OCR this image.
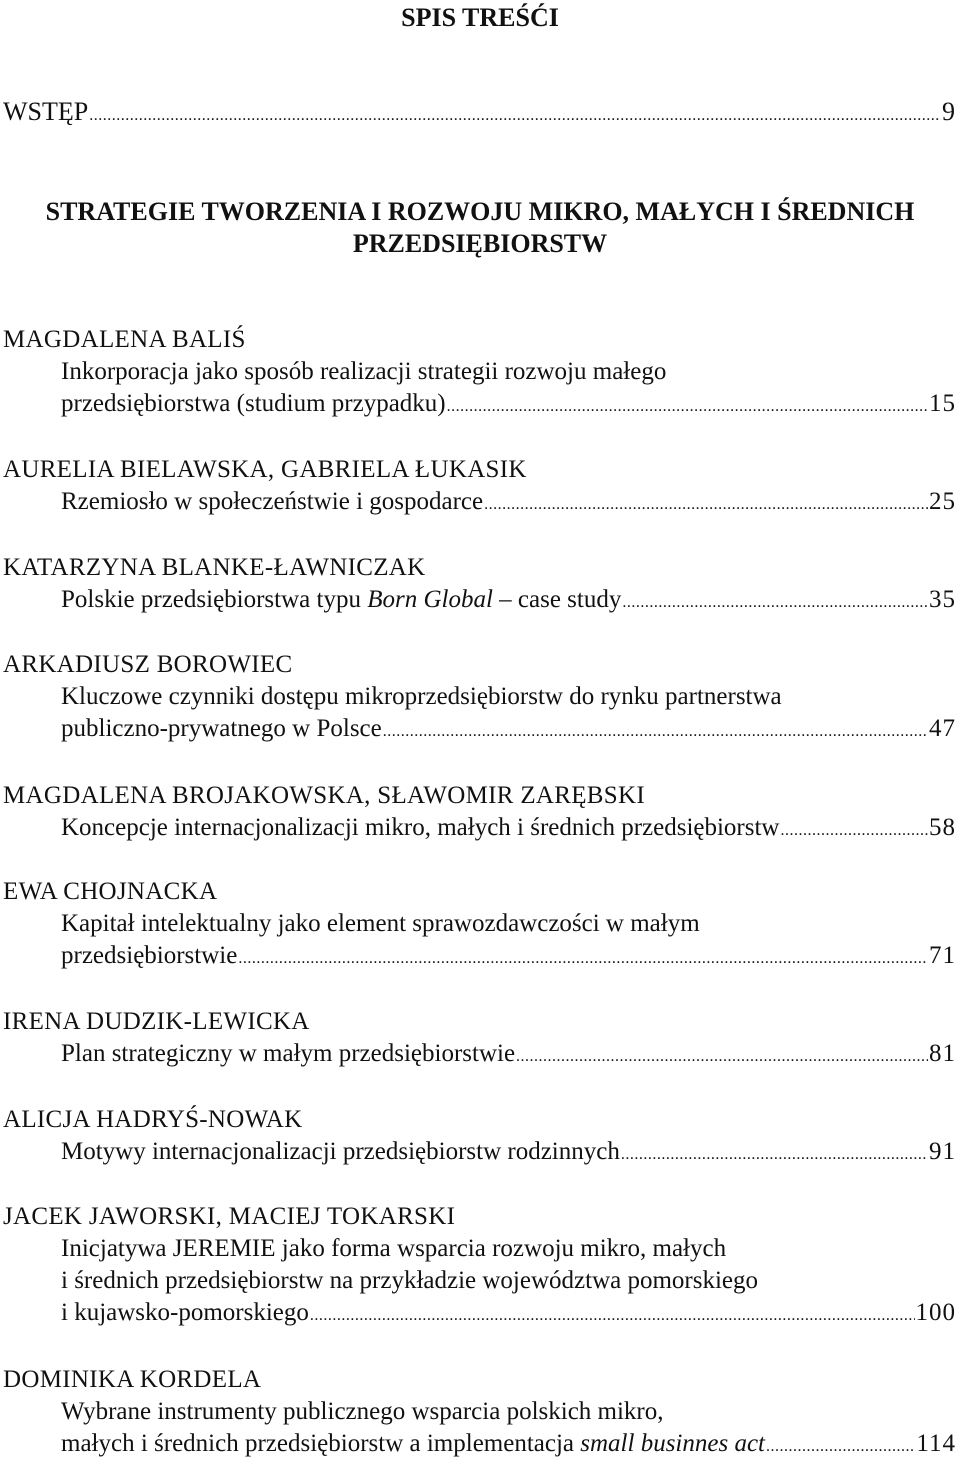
SPIS TREŚĆI
WSTĘP .....	9
STRATEGIE TWORZENIA I ROZWOJU MIKRO, MAŁYCH I ŚREDNICH
PRZEDSIĘBIORSTW
MAGDALENA BALIŚ
Inkorporacja jako sposób realizacji strategii rozwoju małego
przedsiębiorstwa (studium przypadku) .....	15
AURELIA BIELAWSKA, GABRIELA ŁUKASIK
Rzemiosło w społeczeństwie i gospodarce .....	25
KATARZYNA BLANKE-ŁAWNICZAK
Polskie przedsiębiorstwa typu Born Global – case study .....	35
ARKADIUSZ BOROWIEC
Kluczowe czynniki dostępu mikroprzedsiębiorstw do rynku partnerstwa
publiczno-prywatnego w Polsce .....	47
MAGDALENA BROJAKOWSKA, SŁAWOMIR ZARĘBSKI
Koncepcje internacjonalizacji mikro, małych i średnich przedsiębiorstw .....	58
EWA CHOJNACKA
Kapitał intelektualny jako element sprawozdawczości w małym
przedsiębiorstwie .....	71
IRENA DUDZIK-LEWICKA
Plan strategiczny w małym przedsiębiorstwie .....	81
ALICJA HADRYŚ-NOWAK
Motywy internacjonalizacji przedsiębiorstw rodzinnych .....	91
JACEK JAWORSKI, MACIEJ TOKARSKI
Inicjatywa JEREMIE jako forma wsparcia rozwoju mikro, małych
i średnich przedsiębiorstw na przykładzie województwa pomorskiego
i kujawsko-pomorskiego .....	100
DOMINIKA KORDELA
Wybrane instrumenty publicznego wsparcia polskich mikro,
małych i średnich przedsiębiorstw a implementacja small businnes act .....	114
